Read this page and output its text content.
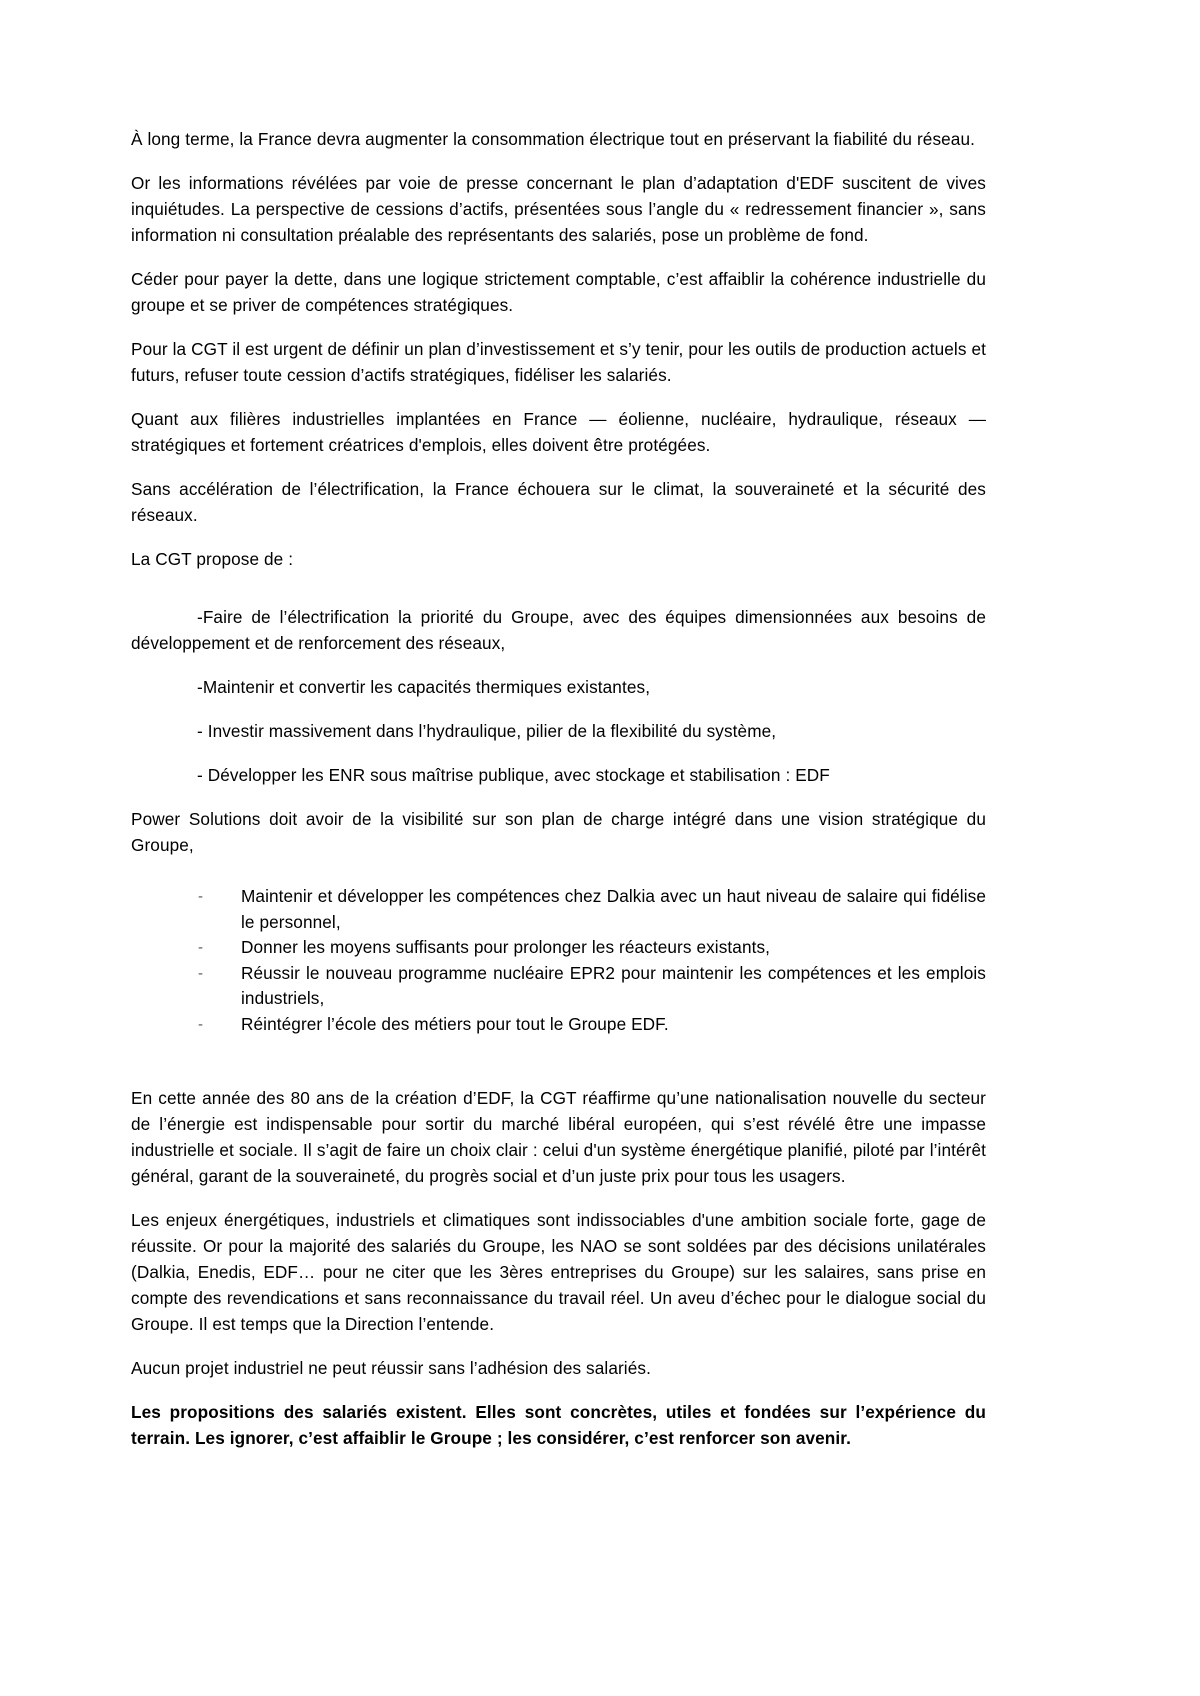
À long terme, la France devra augmenter la consommation électrique tout en préservant la fiabilité du réseau.

Or les informations révélées par voie de presse concernant le plan d’adaptation d'EDF suscitent de vives inquiétudes. La perspective de cessions d’actifs, présentées sous l’angle du « redressement financier », sans information ni consultation préalable des représentants des salariés, pose un problème de fond.

Céder pour payer la dette, dans une logique strictement comptable, c’est affaiblir la cohérence industrielle du groupe et se priver de compétences stratégiques.

Pour la CGT il est urgent de définir un plan d’investissement et s’y tenir, pour les outils de production actuels et futurs, refuser toute cession d’actifs stratégiques, fidéliser les salariés.

Quant aux filières industrielles implantées en France — éolienne, nucléaire, hydraulique, réseaux — stratégiques et fortement créatrices d'emplois, elles doivent être protégées.

Sans accélération de l’électrification, la France échouera sur le climat, la souveraineté et la sécurité des réseaux.

La CGT propose de :

-Faire de l’électrification la priorité du Groupe, avec des équipes dimensionnées aux besoins de développement et de renforcement des réseaux,

-Maintenir et convertir les capacités thermiques existantes,

- Investir massivement dans l’hydraulique, pilier de la flexibilité du système,

- Développer les ENR sous maîtrise publique, avec stockage et stabilisation : EDF

Power Solutions doit avoir de la visibilité sur son plan de charge intégré dans une vision stratégique du Groupe,

- Maintenir et développer les compétences chez Dalkia avec un haut niveau de salaire qui fidélise le personnel,
- Donner les moyens suffisants pour prolonger les réacteurs existants,
- Réussir le nouveau programme nucléaire EPR2 pour maintenir les compétences et les emplois industriels,
- Réintégrer l’école des métiers pour tout le Groupe EDF.

En cette année des 80 ans de la création d’EDF, la CGT réaffirme qu’une nationalisation nouvelle du secteur de l’énergie est indispensable pour sortir du marché libéral européen, qui s’est révélé être une impasse industrielle et sociale. Il s’agit de faire un choix clair : celui d'un système énergétique planifié, piloté par l’intérêt général, garant de la souveraineté, du progrès social et d’un juste prix pour tous les usagers.

Les enjeux énergétiques, industriels et climatiques sont indissociables d'une ambition sociale forte, gage de réussite. Or pour la majorité des salariés du Groupe, les NAO se sont soldées par des décisions unilatérales (Dalkia, Enedis, EDF… pour ne citer que les 3ères entreprises du Groupe) sur les salaires, sans prise en compte des revendications et sans reconnaissance du travail réel. Un aveu d’échec pour le dialogue social du Groupe. Il est temps que la Direction l’entende.

Aucun projet industriel ne peut réussir sans l’adhésion des salariés.

Les propositions des salariés existent. Elles sont concrètes, utiles et fondées sur l’expérience du terrain. Les ignorer, c’est affaiblir le Groupe ; les considérer, c’est renforcer son avenir.
